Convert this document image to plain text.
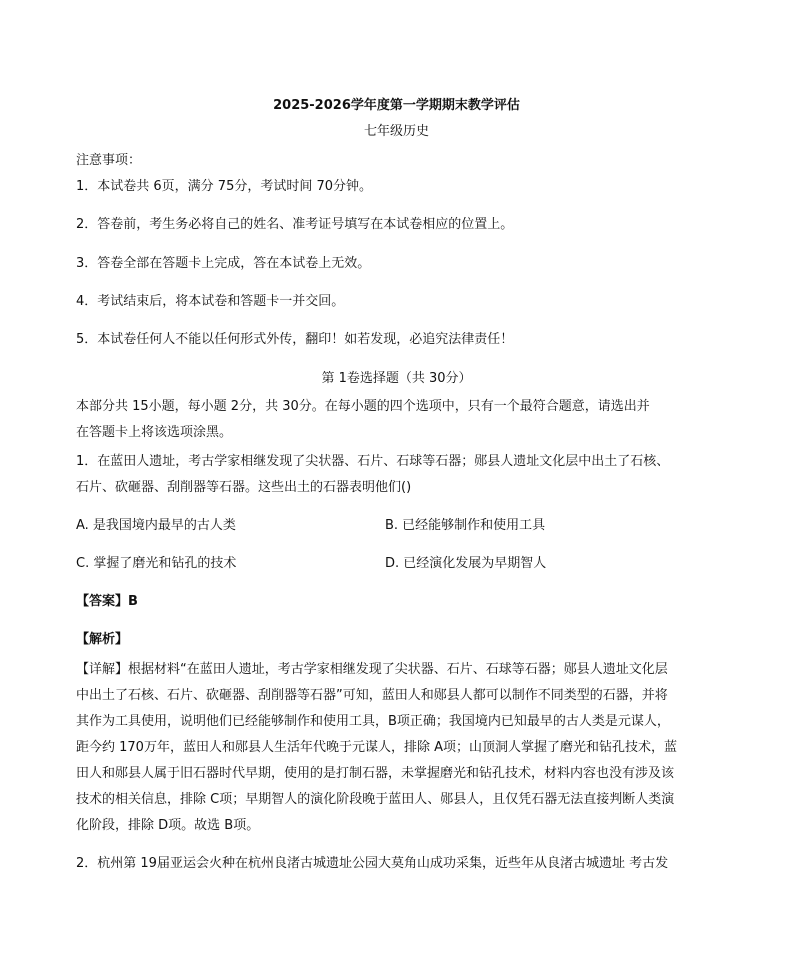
2025-2026学年度第一学期期末教学评估
七年级历史
注意事项：
1．本试卷共 6页，满分 75分，考试时间 70分钟。
2．答卷前，考生务必将自己的姓名、准考证号填写在本试卷相应的位置上。
3．答卷全部在答题卡上完成，答在本试卷上无效。
4．考试结束后，将本试卷和答题卡一并交回。
5．本试卷任何人不能以任何形式外传，翻印！如若发现，必追究法律责任！
第 1卷选择题（共 30分）
本部分共 15小题，每小题 2分，共 30分。在每小题的四个选项中，只有一个最符合题意，请选出并
在答题卡上将该选项涂黑。
1．在蓝田人遗址，考古学家相继发现了尖状器、石片、石球等石器；郧县人遗址文化层中出土了石核、
石片、砍砸器、刮削器等石器。这些出土的石器表明他们()
A. 是我国境内最早的古人类	B. 已经能够制作和使用工具
C. 掌握了磨光和钻孔的技术	D. 已经演化发展为早期智人
【答案】B
【解析】
【详解】根据材料“在蓝田人遗址，考古学家相继发现了尖状器、石片、石球等石器；郧县人遗址文化层
中出土了石核、石片、砍砸器、刮削器等石器”可知，蓝田人和郧县人都可以制作不同类型的石器，并将
其作为工具使用，说明他们已经能够制作和使用工具，B项正确；我国境内已知最早的古人类是元谋人，
距今约 170万年，蓝田人和郧县人生活年代晚于元谋人，排除 A项；山顶洞人掌握了磨光和钻孔技术，蓝
田人和郧县人属于旧石器时代早期，使用的是打制石器，未掌握磨光和钻孔技术，材料内容也没有涉及该
技术的相关信息，排除 C项；早期智人的演化阶段晚于蓝田人、郧县人，且仅凭石器无法直接判断人类演
化阶段，排除 D项。故选 B项。
2．杭州第 19届亚运会火种在杭州良渚古城遗址公园大莫角山成功采集，近些年从良渚古城遗址 考古发
